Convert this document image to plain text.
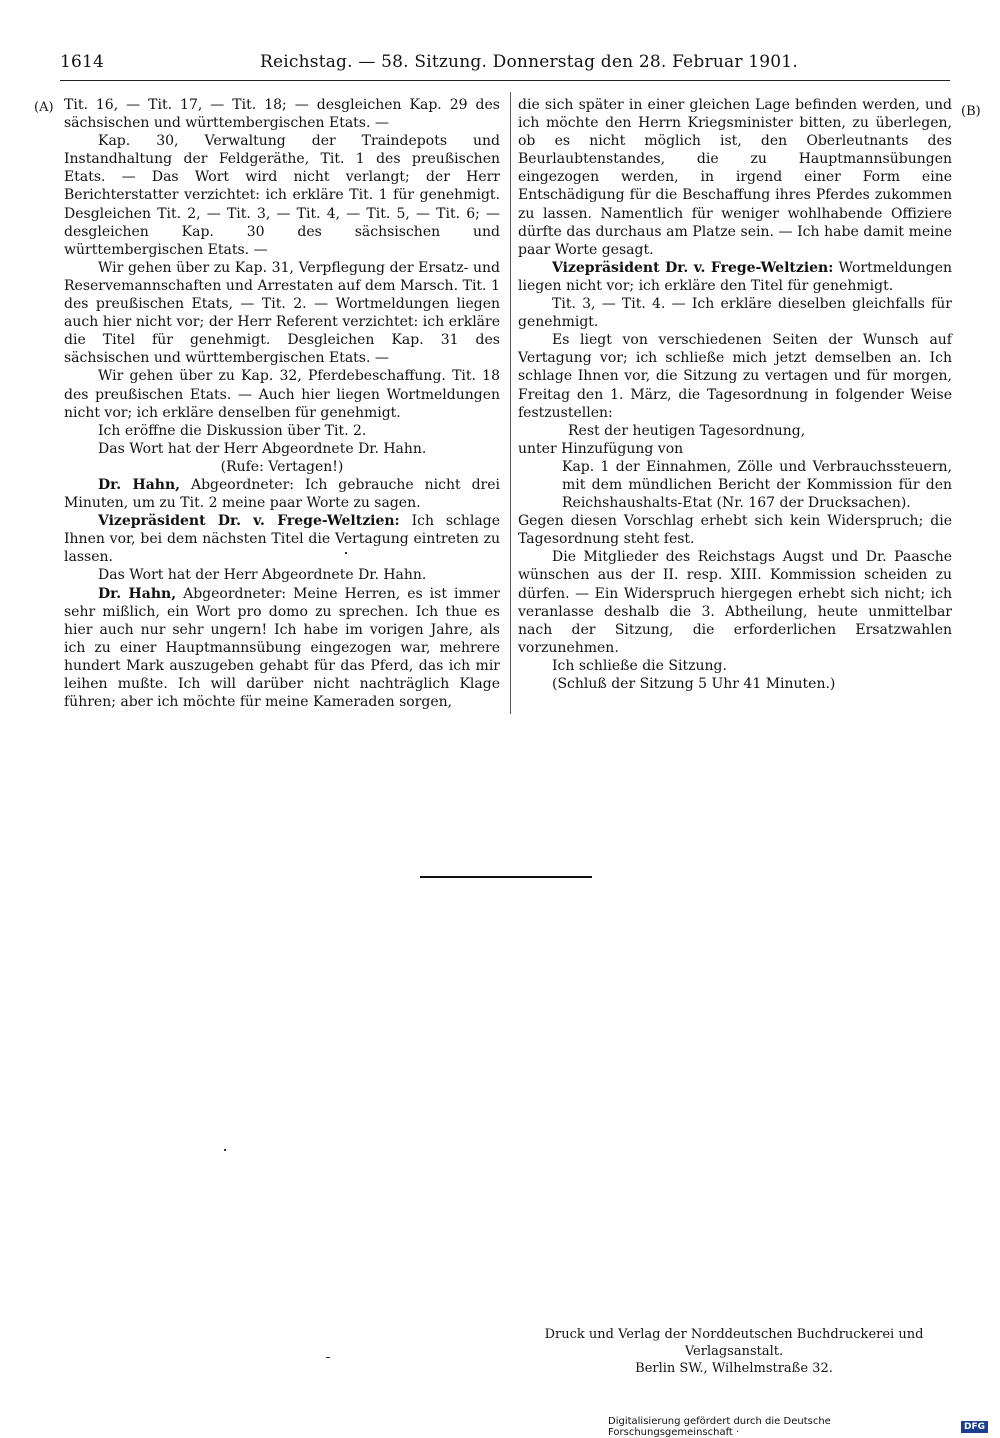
1614	Reichstag. — 58. Sitzung. Donnerstag den 28. Februar 1901.
(A)	(B)

Tit. 16, — Tit. 17, — Tit. 18; — desgleichen Kap. 29 des sächsischen und württembergischen Etats. —

Kap. 30, Verwaltung der Traindepots und Instandhaltung der Feldgeräthe, Tit. 1 des preußischen Etats. — Das Wort wird nicht verlangt; der Herr Berichterstatter verzichtet: ich erkläre Tit. 1 für genehmigt. Desgleichen Tit. 2, — Tit. 3, — Tit. 4, — Tit. 5, — Tit. 6; — desgleichen Kap. 30 des sächsischen und württembergischen Etats. —

Wir gehen über zu Kap. 31, Verpflegung der Ersatz- und Reservemannschaften und Arrestaten auf dem Marsch. Tit. 1 des preußischen Etats, — Tit. 2. — Wortmeldungen liegen auch hier nicht vor; der Herr Referent verzichtet: ich erkläre die Titel für genehmigt. Desgleichen Kap. 31 des sächsischen und württembergischen Etats. —

Wir gehen über zu Kap. 32, Pferdebeschaffung. Tit. 18 des preußischen Etats. — Auch hier liegen Wortmeldungen nicht vor; ich erkläre denselben für genehmigt.

Ich eröffne die Diskussion über Tit. 2.

Das Wort hat der Herr Abgeordnete Dr. Hahn.

(Rufe: Vertagen!)

Dr. Hahn, Abgeordneter: Ich gebrauche nicht drei Minuten, um zu Tit. 2 meine paar Worte zu sagen.

Vizepräsident Dr. v. Frege-Weltzien: Ich schlage Ihnen vor, bei dem nächsten Titel die Vertagung eintreten zu lassen.

Das Wort hat der Herr Abgeordnete Dr. Hahn.

Dr. Hahn, Abgeordneter: Meine Herren, es ist immer sehr mißlich, ein Wort pro domo zu sprechen. Ich thue es hier auch nur sehr ungern! Ich habe im vorigen Jahre, als ich zu einer Hauptmannsübung eingezogen war, mehrere hundert Mark auszugeben gehabt für das Pferd, das ich mir leihen mußte. Ich will darüber nicht nachträglich Klage führen; aber ich möchte für meine Kameraden sorgen,

die sich später in einer gleichen Lage befinden werden, und ich möchte den Herrn Kriegsminister bitten, zu überlegen, ob es nicht möglich ist, den Oberleutnants des Beurlaubtenstandes, die zu Hauptmannsübungen eingezogen werden, in irgend einer Form eine Entschädigung für die Beschaffung ihres Pferdes zukommen zu lassen. Namentlich für weniger wohlhabende Offiziere dürfte das durchaus am Platze sein. — Ich habe damit meine paar Worte gesagt.

Vizepräsident Dr. v. Frege-Weltzien: Wortmeldungen liegen nicht vor; ich erkläre den Titel für genehmigt.

Tit. 3, — Tit. 4. — Ich erkläre dieselben gleichfalls für genehmigt.

Es liegt von verschiedenen Seiten der Wunsch auf Vertagung vor; ich schließe mich jetzt demselben an. Ich schlage Ihnen vor, die Sitzung zu vertagen und für morgen, Freitag den 1. März, die Tagesordnung in folgender Weise festzustellen:

Rest der heutigen Tagesordnung,

unter Hinzufügung von

Kap. 1 der Einnahmen, Zölle und Verbrauchssteuern, mit dem mündlichen Bericht der Kommission für den Reichshaushalts-Etat (Nr. 167 der Drucksachen).

Gegen diesen Vorschlag erhebt sich kein Widerspruch; die Tagesordnung steht fest.

Die Mitglieder des Reichstags Augst und Dr. Paasche wünschen aus der II. resp. XIII. Kommission scheiden zu dürfen. — Ein Widerspruch hiergegen erhebt sich nicht; ich veranlasse deshalb die 3. Abtheilung, heute unmittelbar nach der Sitzung, die erforderlichen Ersatzwahlen vorzunehmen.

Ich schließe die Sitzung.

(Schluß der Sitzung 5 Uhr 41 Minuten.)

Druck und Verlag der Norddeutschen Buchdruckerei und Verlagsanstalt.
Berlin SW., Wilhelmstraße 32.
Digitalisierung gefördert durch die Deutsche Forschungsgemeinschaft ·	DFG
